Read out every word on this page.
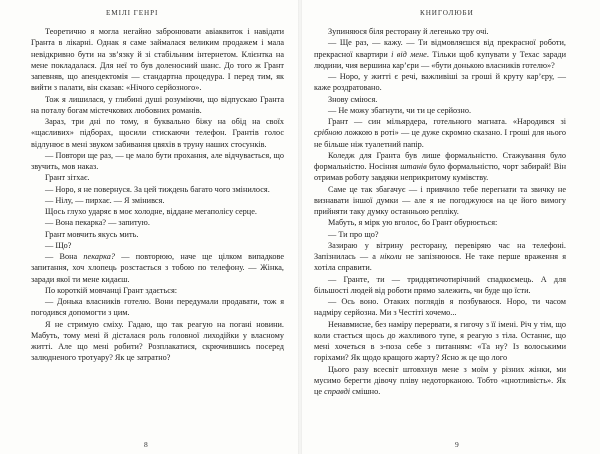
ЕМІЛІ ГЕНРІ

Теоретично я могла негайно забронювати авіаквиток і навідати Гранта в лікарні. Однак я саме займалася великим продажем і мала невідкривно бути на зв’язку й зі стабільним інтернетом. Клієнтка на мене покладалася. Для неї то був доленосний шанс. До того ж Грант запевняв, що апендектомія — стандартна процедура. І перед тим, як вийти з палати, він сказав: «Нічого серйозного».

Тож я лишилася, у глибині душі розуміючи, що відпускаю Гранта на поталу богам містечкових любовних романів.

Зараз, три дні по тому, я буквально біжу на обід на своїх «щасливих» підборах, щосили стискаючи телефон. Грантів голос відлунює в мені звуком забивання цвяхів в труну наших стосунків.

— Повтори ще раз, — це мало бути прохання, але відчувається, що звучить, мов наказ.

Грант зітхає.

— Норо, я не повернуся. За цей тиждень багато чого змінилося.

— Нілу, — пирхає. — Я змінився.

Щось глухо ударяє в моє холодне, віддане мегаполісу серце.

— Вона пекарка? — запитую.

Грант мовчить якусь мить.

— Що?

— Вона пекарка? — повторюю, наче ще цілком випадкове запитання, хоч хлопець розстається з тобою по телефону. — Жінка, заради якої ти мене кидаєш.

По короткій мовчанці Грант здається:

— Донька власників готелю. Вони передумали продавати, тож я погодився допомогти з цим.

Я не стримую сміху. Гадаю, що так реагую на погані новини. Мабуть, тому мені й дісталася роль головної лиходійки у власному житті. Але що мені робити? Розплакатися, скрючившись посеред залюдненого тротуару? Як це затратно?

8
КНИГОЛЮБИ

Зупиняюся біля ресторану й легенько тру очі.

— Ще раз, — кажу. — Ти відмовляєшся від прекрасної роботи, прекрасної квартири і від мене. Тільки щоб купувати у Техас заради людини, чия вершина кар’єри — «бути донькою власників готелю»?

— Норо, у житті є речі, важливіші за гроші й круту кар’єру, — каже роздратовано.

Знову сміюся.

— Не можу збагнути, чи ти це серйозно.

Грант — син мільярдера, готельного магната. «Народився зі срібною ложкою в роті» — це дуже скромно сказано. І гроші для нього не більше ніж туалетний папір.

Коледж для Гранта був лише формальністю. Стажування було формальністю. Носіння штанів було формальністю, чорт забирай! Він отримав роботу завдяки неприкритому кумівству.

Саме це так збагачує — і привчило тебе перегнати та звичку не визнавати іншої думки — але я не погоджуюся на це його вимогу прийняти таку думку останньою репліку.

Мабуть, я мірк ую вголос, бо Грант обурюється:

— Ти про що?

Зазираю у вітрину ресторану, перевіряю час на телефоні. Запізнилась — а ніколи не запізнююся. Не таке перше враження я хотіла справити.

— Гранте, ти — тридцятичотирічний спадкоємець. А для більшості людей від роботи прямо залежить, чи буде що їсти.

— Ось воно. Отаких поглядів я позбуваюся. Норо, ти часом надміру серйозна. Ми з Честіті хочемо...

Ненавмисне, без наміру перервати, я гигочу з її імені. Річ у тім, що коли стається щось до жахливого тупе, я реагую з тіла. Останнє, що мені хочеться в з-поза себе з питанням: «Та ну? Із волоськими горіхами? Як щодо кращого жарту? Ясно ж це що лого

Цього разу всесвіт штовхнув мене з моїм у різних жінки, ми мусимо берегти дівочу пліву недоторканою. Тобто «цнотливість». Як це справді смішно.

9
